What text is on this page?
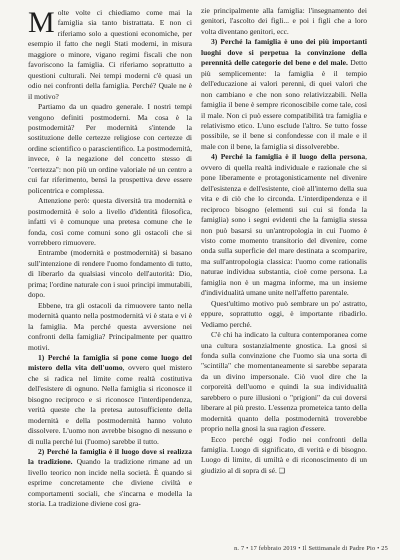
Molte volte ci chiediamo come mai la famiglia sia tanto bistrattata. E non ci riferiamo solo a questioni economiche, per esempio il fatto che negli Stati moderni, in misura maggiore o minore, vigano regimi fiscali che non favoriscono la famiglia. Ci riferiamo soprattutto a questioni culturali. Nei tempi moderni c'è quasi un odio nei confronti della famiglia. Perché? Quale ne è il motivo?

Partiamo da un quadro generale. I nostri tempi vengono definiti postmoderni. Ma cosa è la postmodernità? Per modernità s'intende la sostituzione delle certezze religiose con certezze di ordine scientifico o parascientifico. La postmodernità, invece, è la negazione del concetto stesso di "certezza": non più un ordine valoriale né un centro a cui far riferimento, bensì la prospettiva deve essere policentrica e complessa.

Attenzione però: questa diversità tra modernità e postmodernità è solo a livello d'identità filosofica, infatti vi è comunque una pretesa comune che le fonda, così come comuni sono gli ostacoli che si vorrebbero rimuovere.

Entrambe (modernità e postmodernità) si basano sull'intenzione di rendere l'uomo fondamento di tutto, di liberarlo da qualsiasi vincolo dell'autorità: Dio, prima; l'ordine naturale con i suoi principi immutabili, dopo.

Ebbene, tra gli ostacoli da rimuovere tanto nella modernità quanto nella postmodernità vi è stata e vi è la famiglia. Ma perché questa avversione nei confronti della famiglia? Principalmente per quattro motivi.

1) Perché la famiglia si pone come luogo del mistero della vita dell'uomo, ovvero quel mistero che si radica nel limite come realtà costitutiva dell'esistere di ognuno. Nella famiglia si riconosce il bisogno reciproco e si riconosce l'interdipendenza, verità queste che la pretesa autosufficiente della modernità e della postmodernità hanno voluto dissolvere. L'uomo non avrebbe bisogno di nessuno e di nulla perché lui (l'uomo) sarebbe il tutto.

2) Perché la famiglia è il luogo dove si realizza la tradizione. Quando la tradizione rimane ad un livello teorico non incide nella società. È quando si esprime concretamente che diviene civiltà e comportamenti sociali, che s'incarna e modella la storia. La tradizione diviene così gra-

zie principalmente alla famiglia: l'insegnamento dei genitori, l'ascolto dei figli... e poi i figli che a loro volta diventano genitori, ecc.

3) Perché la famiglia è uno dei più importanti luoghi dove si perpetua la convinzione della perennità delle categorie del bene e del male. Detto più semplicemente: la famiglia è il tempio dell'educazione ai valori perenni, di quei valori che non cambiano e che non sono relativizzabili. Nella famiglia il bene è sempre riconoscibile come tale, così il male. Non ci può essere compatibilità tra famiglia e relativismo etico. L'uno esclude l'altro. Se tutto fosse possibile, se il bene si confondesse con il male e il male con il bene, la famiglia si dissolverebbe.

4) Perché la famiglia è il luogo della persona, ovvero di quella realtà individuale e razionale che si pone liberamente e protagonisticamente nel divenire dell'esistenza e dell'esistente, cioè all'interno della sua vita e di ciò che lo circonda. L'interdipendenza e il reciproco bisogno (elementi sui cui si fonda la famiglia) sono i segni evidenti che la famiglia stessa non può basarsi su un'antropologia in cui l'uomo è visto come momento transitorio del divenire, come onda sulla superficie del mare destinata a scomparire, ma sull'antropologia classica: l'uomo come rationalis naturae individua substantia, cioè come persona. La famiglia non è un magma informe, ma un insieme d'individualità umane unite nell'affetto parentale.

Quest'ultimo motivo può sembrare un po' astratto, eppure, soprattutto oggi, è importante ribadirlo. Vediamo perché.

C'è chi ha indicato la cultura contemporanea come una cultura sostanzialmente gnostica. La gnosi si fonda sulla convinzione che l'uomo sia una sorta di "scintilla" che momentaneamente si sarebbe separata da un divino impersonale. Ciò vuol dire che la corporeità dell'uomo e quindi la sua individualità sarebbero o pure illusioni o "prigioni" da cui doversi liberare al più presto. L'essenza prometeica tanto della modernità quanto della postmodernità troverebbe proprio nella gnosi la sua ragion d'essere.

Ecco perché oggi l'odio nei confronti della famiglia. Luogo di significato, di verità e di bisogno. Luogo di limite, di umiltà e di riconoscimento di un giudizio al di sopra di sé. ❑

n. 7 • 17 febbraio 2019 • Il Settimanale di Padre Pio • 25
